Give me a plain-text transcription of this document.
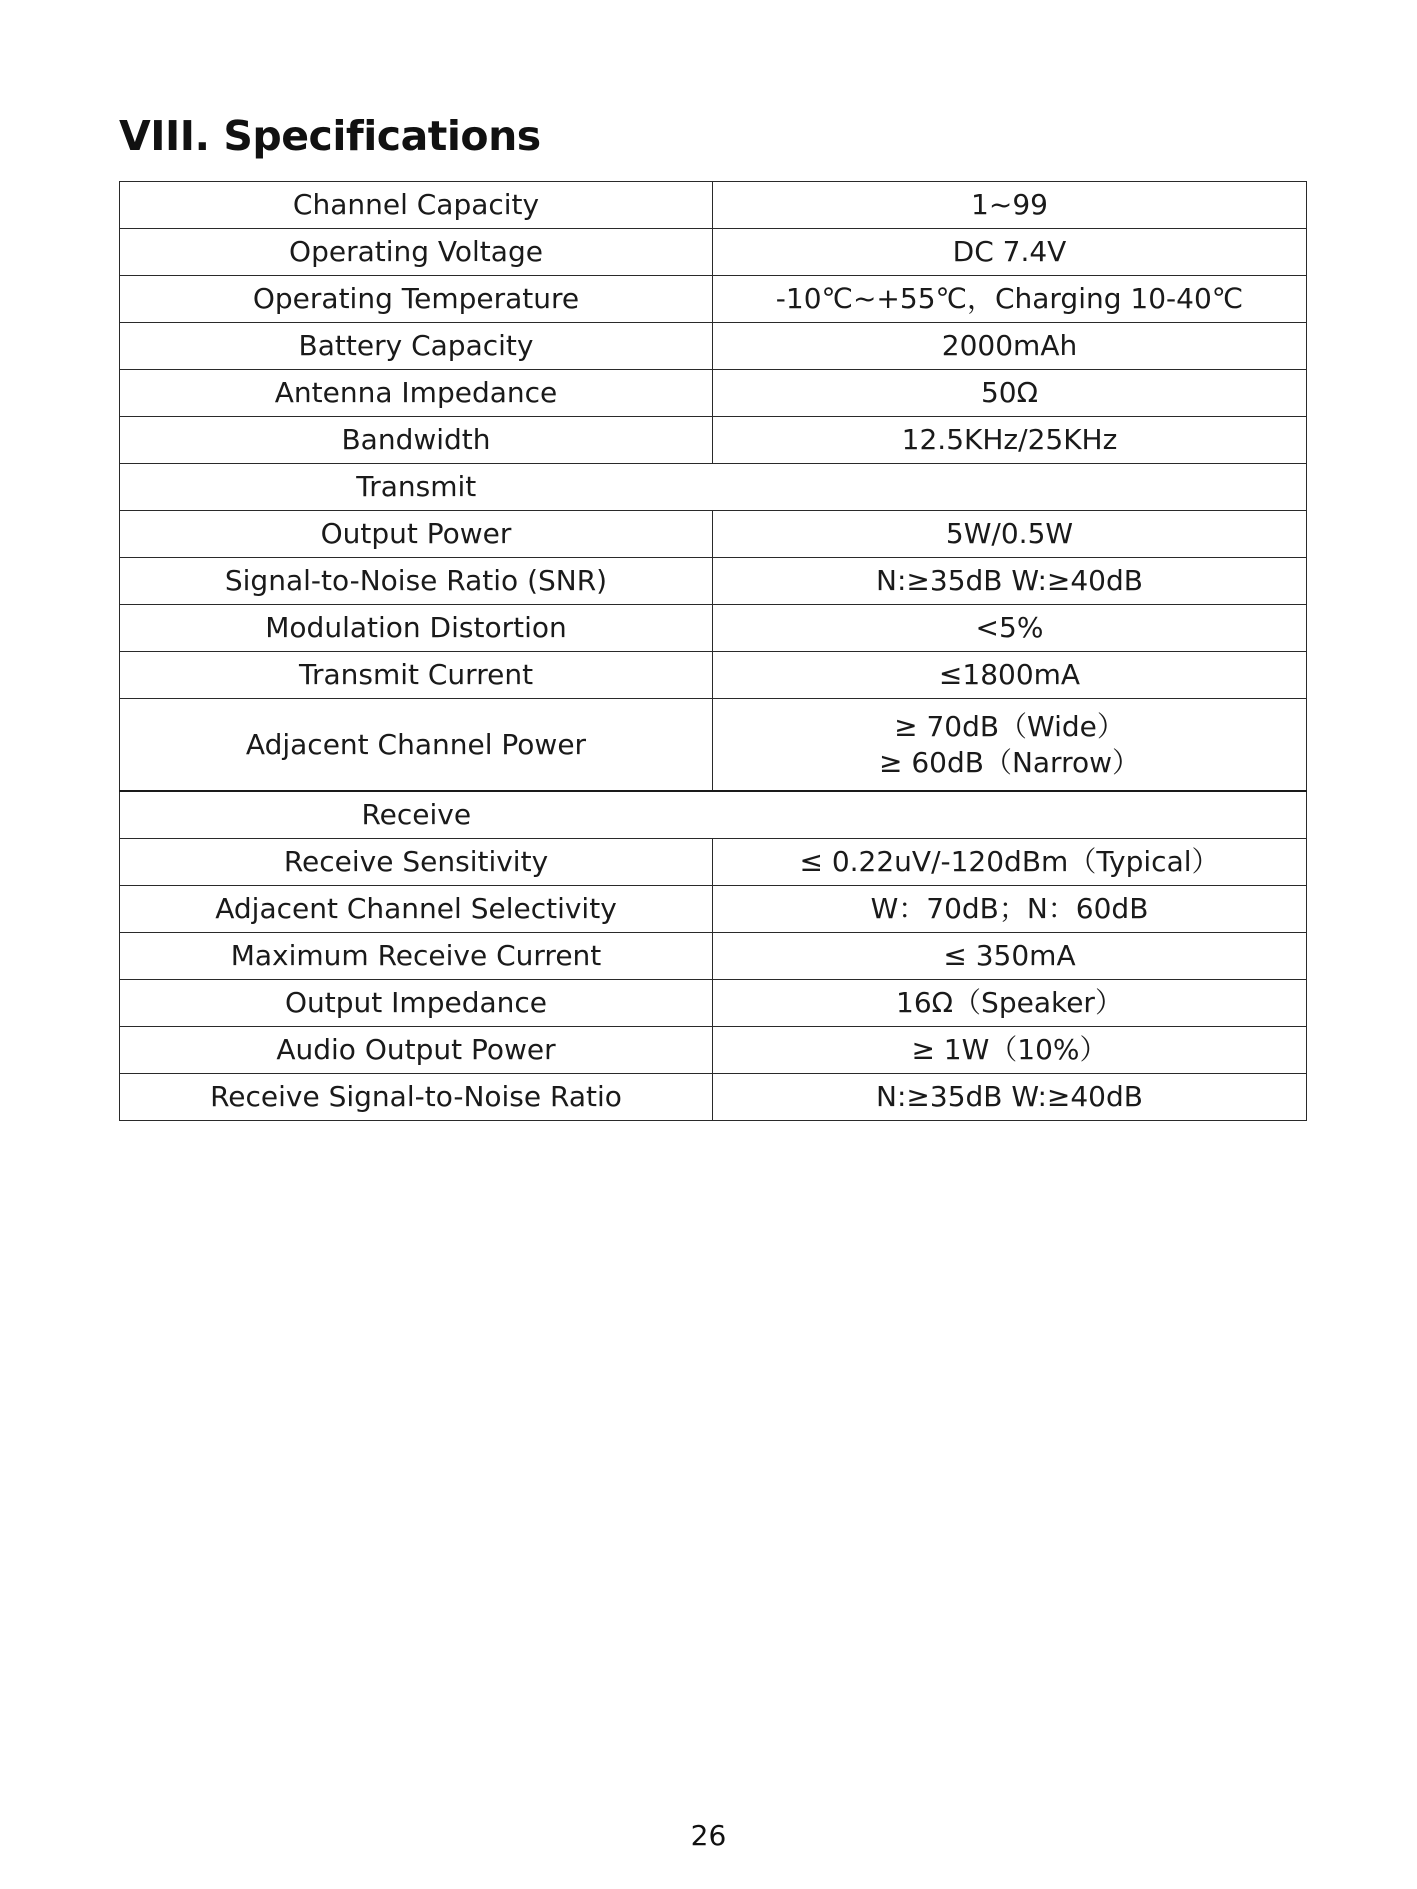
VIII. Specifications
Channel Capacity	1~99
Operating Voltage	DC 7.4V
Operating Temperature	-10℃~+55℃，Charging 10-40℃
Battery Capacity	2000mAh
Antenna Impedance	50Ω
Bandwidth	12.5KHz/25KHz
Transmit	
Output Power	5W/0.5W
Signal-to-Noise Ratio (SNR)	N:≥35dB W:≥40dB
Modulation Distortion	<5%
Transmit Current	≤1800mA
Adjacent Channel Power	≥ 70dB（Wide）
≥ 60dB（Narrow）

Receive	
Receive Sensitivity	≤ 0.22uV/-120dBm（Typical）
Adjacent Channel Selectivity	W：70dB；N：60dB
Maximum Receive Current	≤ 350mA
Output Impedance	16Ω（Speaker）
Audio Output Power	≥ 1W（10%）
Receive Signal-to-Noise Ratio	N:≥35dB W:≥40dB
26
